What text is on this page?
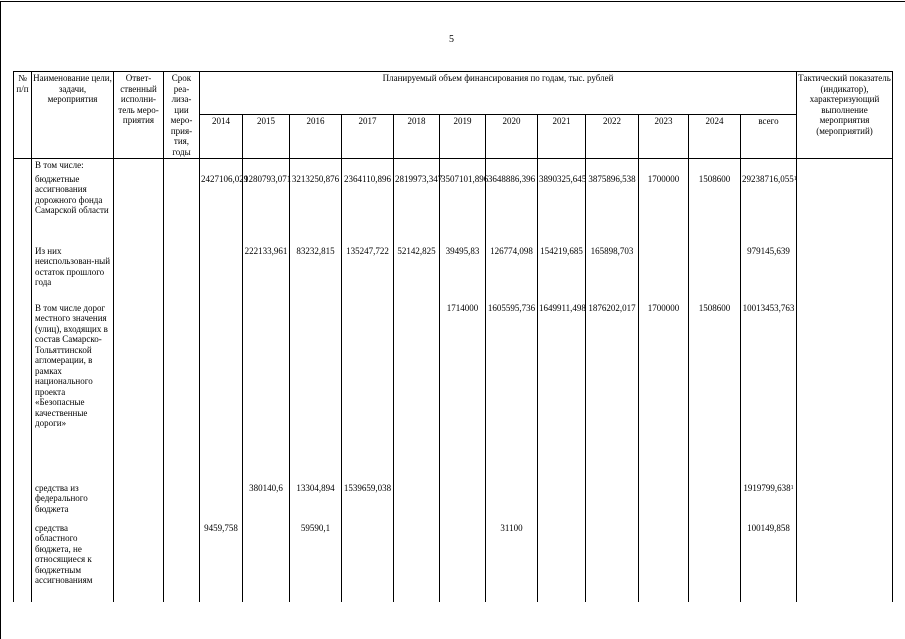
5
№ п/п	Наименование цели, задачи, мероприятия	Ответ-ственный исполни-тель меро-приятия	Срок реа-лиза-ции меро-прия-тия, годы	Планируемый объем финансирования по годам, тыс. рублей												Тактический показатель (индикатор), характеризующий выполнение мероприятия (мероприятий)
				2014	2015	2016	2017	2018	2019	2020	2021	2022	2023	2024	всего	
	В том числе:															
	бюджетные ассигнования дорожного фонда Самарской области			2427106,029	1280793,071	3213250,876	2364110,896	2819973,347	3507101,896	3648886,396	3890325,645	3875896,538	1700000	1508600	29238716,055$^1$	
	Из них неиспользован-ный остаток прошлого года				222133,961	83232,815	135247,722	52142,825	39495,83	126774,098	154219,685	165898,703			979145,639	
	В том числе дорог местного значения (улиц), входящих в состав Самарско-Тольяттинской агломерации, в рамках национального проекта «Безопасные качественные дороги»								1714000	1605595,736	1649911,498	1876202,017	1700000	1508600	10013453,763	
	средства из федерального бюджета				380140,6	13304,894	1539659,038								1919799,638$^1$	
	средства областного бюджета, не относящиеся к бюджетным ассигнованиям			9459,758		59590,1				31100					100149,858	
